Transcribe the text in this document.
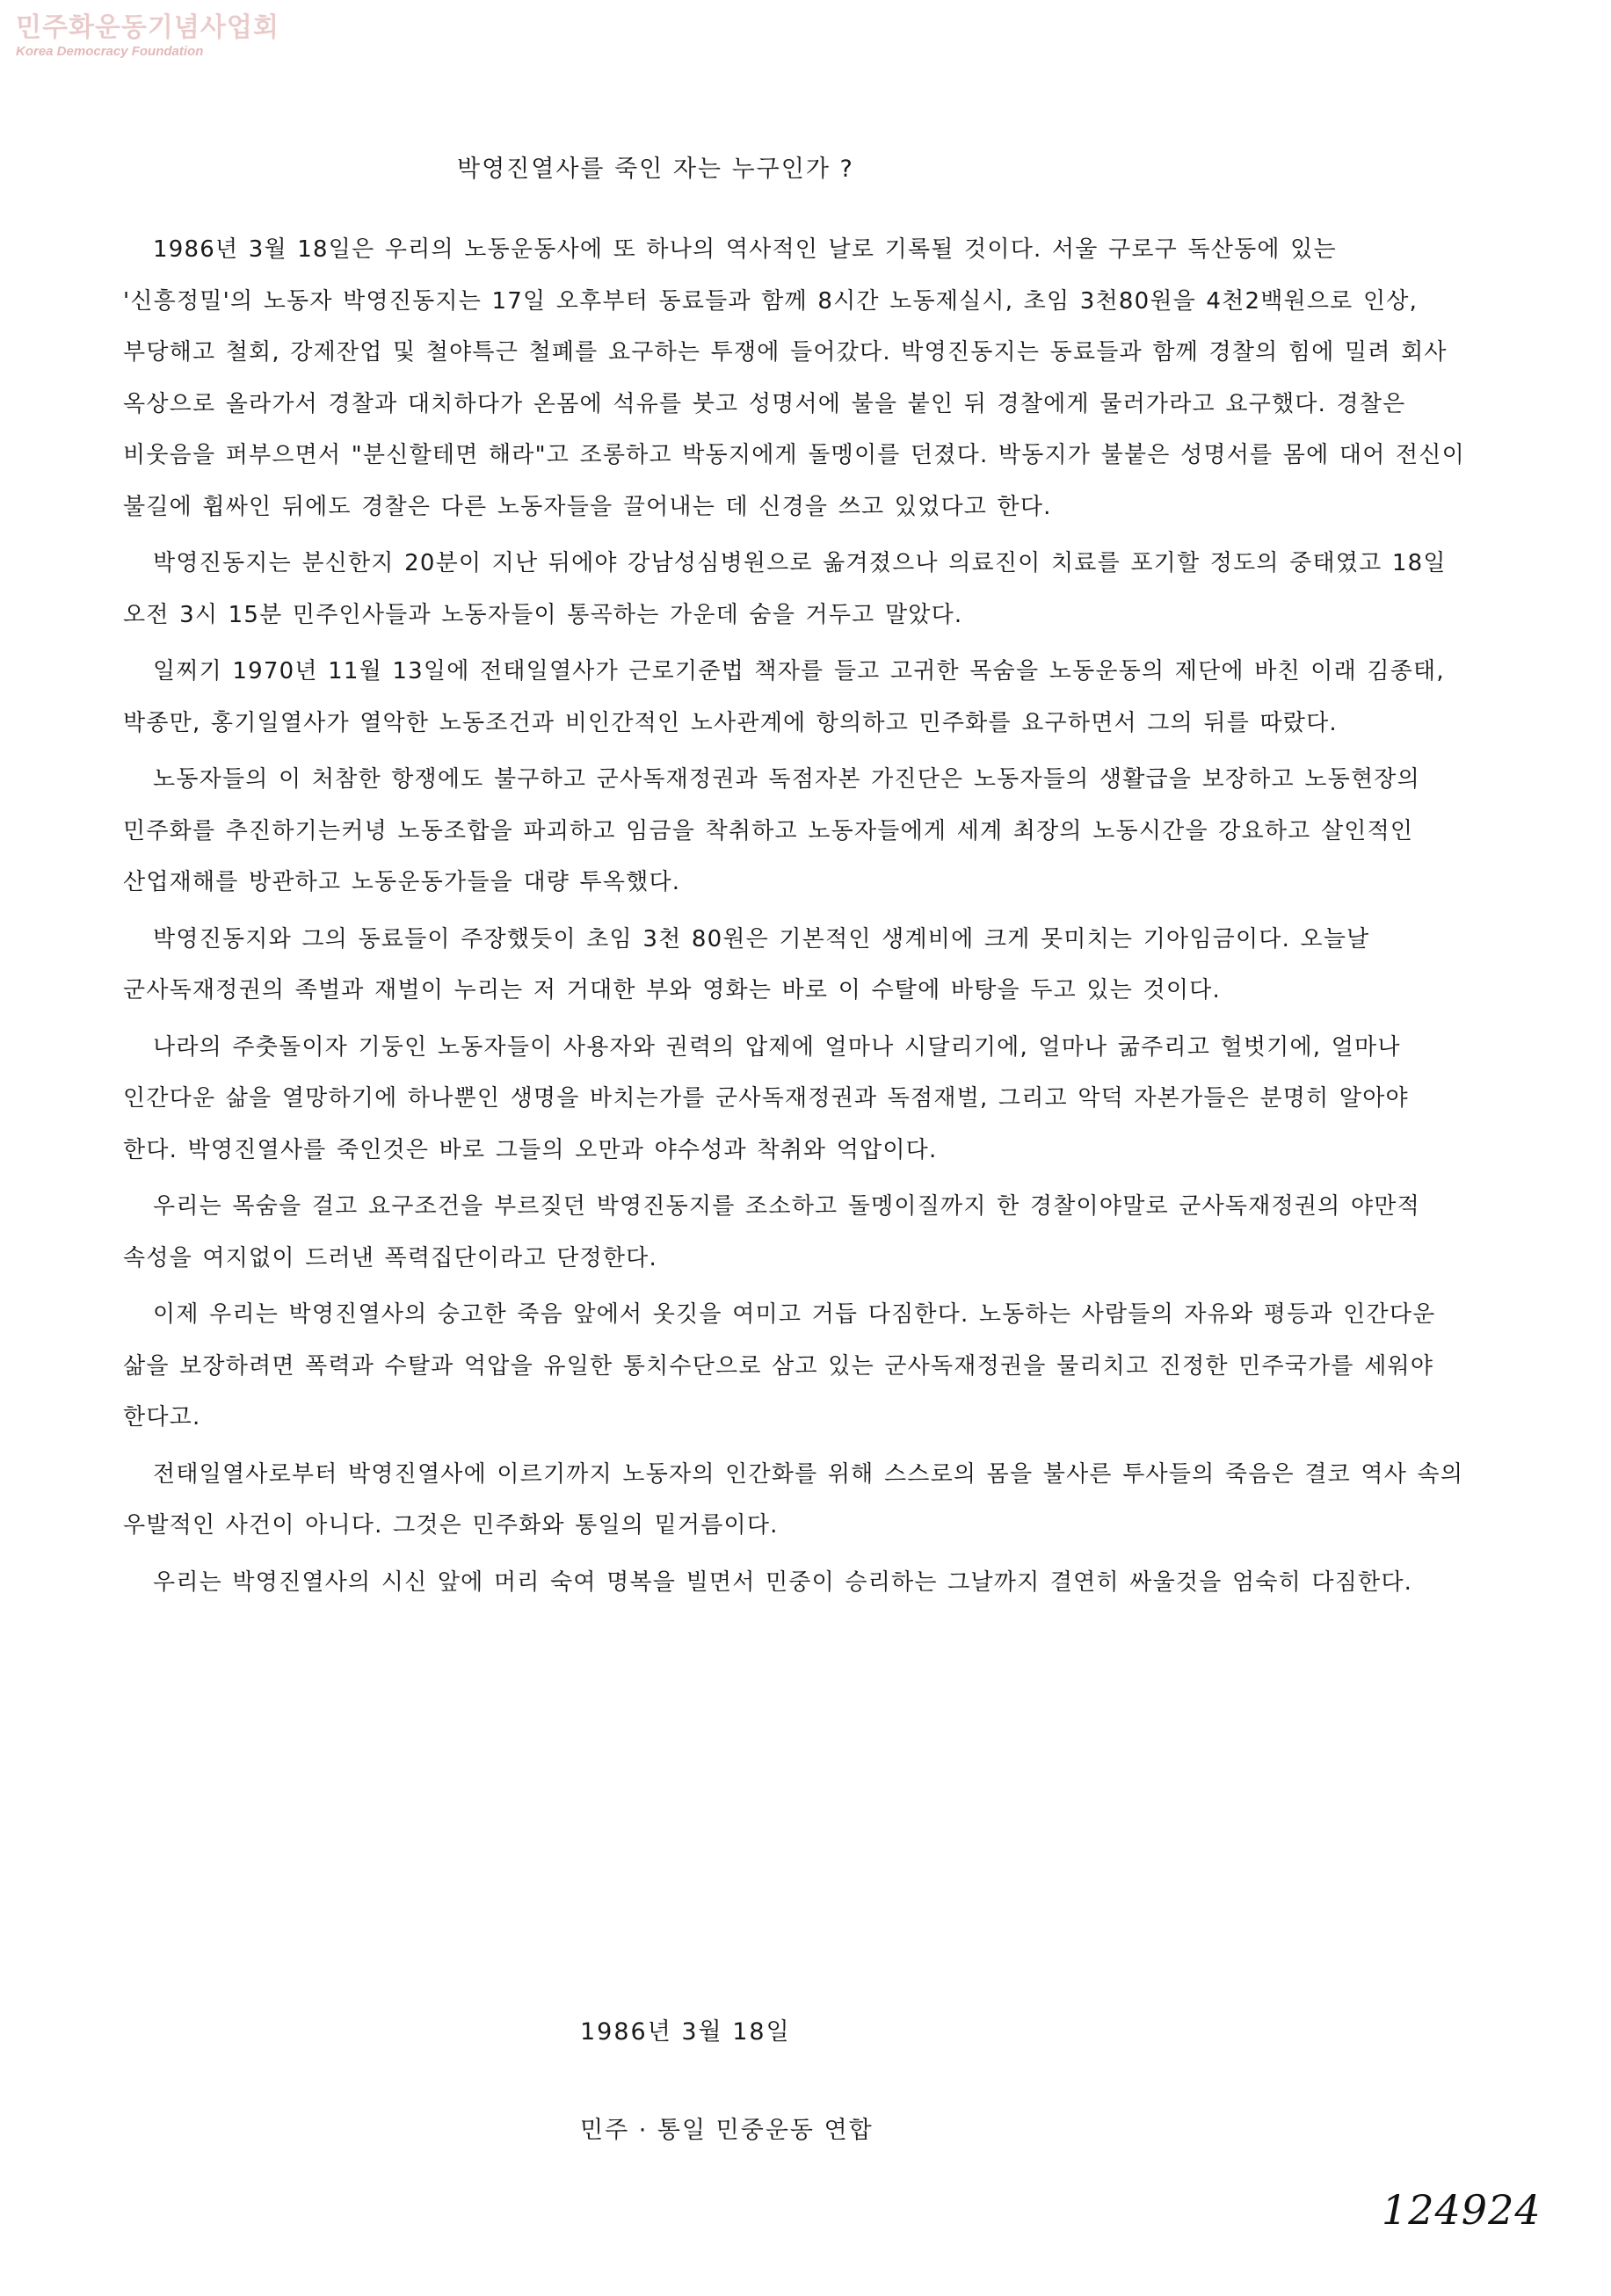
민주화운동기념사업회
Korea Democracy Foundation
박영진열사를 죽인 자는 누구인가 ?

1986년 3월 18일은 우리의 노동운동사에 또 하나의 역사적인 날로 기록될 것이다. 서울 구로구 독산동에 있는 '신흥정밀'의 노동자 박영진동지는 17일 오후부터 동료들과 함께 8시간 노동제실시, 초임 3천80원을 4천2백원으로 인상, 부당해고 철회, 강제잔업 및 철야특근 철폐를 요구하는 투쟁에 들어갔다. 박영진동지는 동료들과 함께 경찰의 힘에 밀려 회사 옥상으로 올라가서 경찰과 대치하다가 온몸에 석유를 붓고 성명서에 불을 붙인 뒤 경찰에게 물러가라고 요구했다. 경찰은 비웃음을 퍼부으면서 "분신할테면 해라"고 조롱하고 박동지에게 돌멩이를 던졌다. 박동지가 불붙은 성명서를 몸에 대어 전신이 불길에 휩싸인 뒤에도 경찰은 다른 노동자들을 끌어내는 데 신경을 쓰고 있었다고 한다.

박영진동지는 분신한지 20분이 지난 뒤에야 강남성심병원으로 옮겨졌으나 의료진이 치료를 포기할 정도의 중태였고 18일 오전 3시 15분 민주인사들과 노동자들이 통곡하는 가운데 숨을 거두고 말았다.

일찌기 1970년 11월 13일에 전태일열사가 근로기준법 책자를 들고 고귀한 목숨을 노동운동의 제단에 바친 이래 김종태, 박종만, 홍기일열사가 열악한 노동조건과 비인간적인 노사관계에 항의하고 민주화를 요구하면서 그의 뒤를 따랐다.

노동자들의 이 처참한 항쟁에도 불구하고 군사독재정권과 독점자본 가진단은 노동자들의 생활급을 보장하고 노동현장의 민주화를 추진하기는커녕 노동조합을 파괴하고 임금을 착취하고 노동자들에게 세계 최장의 노동시간을 강요하고 살인적인 산업재해를 방관하고 노동운동가들을 대량 투옥했다.

박영진동지와 그의 동료들이 주장했듯이 초임 3천 80원은 기본적인 생계비에 크게 못미치는 기아임금이다. 오늘날 군사독재정권의 족벌과 재벌이 누리는 저 거대한 부와 영화는 바로 이 수탈에 바탕을 두고 있는 것이다.

나라의 주춧돌이자 기둥인 노동자들이 사용자와 권력의 압제에 얼마나 시달리기에, 얼마나 굶주리고 헐벗기에, 얼마나 인간다운 삶을 열망하기에 하나뿐인 생명을 바치는가를 군사독재정권과 독점재벌, 그리고 악덕 자본가들은 분명히 알아야 한다. 박영진열사를 죽인것은 바로 그들의 오만과 야수성과 착취와 억압이다.

우리는 목숨을 걸고 요구조건을 부르짖던 박영진동지를 조소하고 돌멩이질까지 한 경찰이야말로 군사독재정권의 야만적 속성을 여지없이 드러낸 폭력집단이라고 단정한다.

이제 우리는 박영진열사의 숭고한 죽음 앞에서 옷깃을 여미고 거듭 다짐한다. 노동하는 사람들의 자유와 평등과 인간다운 삶을 보장하려면 폭력과 수탈과 억압을 유일한 통치수단으로 삼고 있는 군사독재정권을 물리치고 진정한 민주국가를 세워야 한다고.

전태일열사로부터 박영진열사에 이르기까지 노동자의 인간화를 위해 스스로의 몸을 불사른 투사들의 죽음은 결코 역사 속의 우발적인 사건이 아니다. 그것은 민주화와 통일의 밑거름이다.

우리는 박영진열사의 시신 앞에 머리 숙여 명복을 빌면서 민중이 승리하는 그날까지 결연히 싸울것을 엄숙히 다짐한다.

1986년 3월 18일
민주 · 통일 민중운동 연합
124924
